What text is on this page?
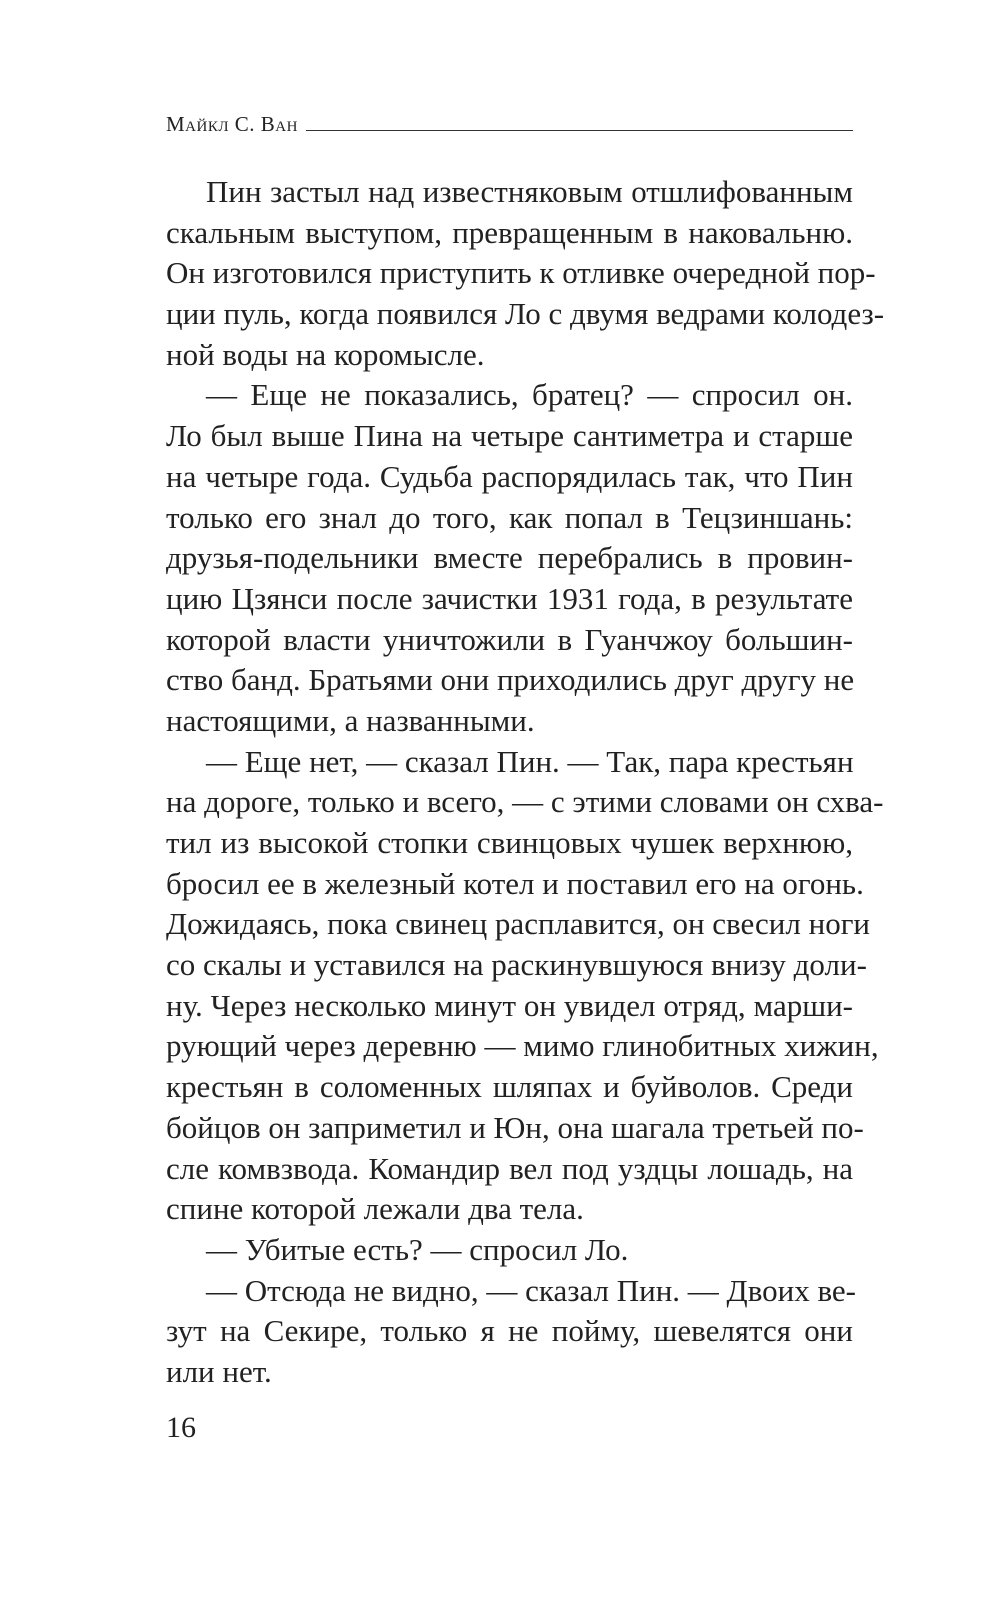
Майкл С. Ван
Пин застыл над известняковым отшлифованным
скальным выступом, превращенным в наковальню.
Он изготовился приступить к отливке очередной пор-
ции пуль, когда появился Ло с двумя ведрами колодез-
ной воды на коромысле.
— Еще не показались, братец? — спросил он.
Ло был выше Пина на четыре сантиметра и старше
на четыре года. Судьба распорядилась так, что Пин
только его знал до того, как попал в Тецзиншань:
друзья-подельники вместе перебрались в провин-
цию Цзянси после зачистки 1931 года, в результате
которой власти уничтожили в Гуанчжоу большин-
ство банд. Братьями они приходились друг другу не
настоящими, а названными.
— Еще нет, — сказал Пин. — Так, пара крестьян
на дороге, только и всего, — с этими словами он схва-
тил из высокой стопки свинцовых чушек верхнюю,
бросил ее в железный котел и поставил его на огонь.
Дожидаясь, пока свинец расплавится, он свесил ноги
со скалы и уставился на раскинувшуюся внизу доли-
ну. Через несколько минут он увидел отряд, марши-
рующий через деревню — мимо глинобитных хижин,
крестьян в соломенных шляпах и буйволов. Среди
бойцов он заприметил и Юн, она шагала третьей по-
сле комвзвода. Командир вел под уздцы лошадь, на
спине которой лежали два тела.
— Убитые есть? — спросил Ло.
— Отсюда не видно, — сказал Пин. — Двоих ве-
зут на Секире, только я не пойму, шевелятся они
или нет.
16
